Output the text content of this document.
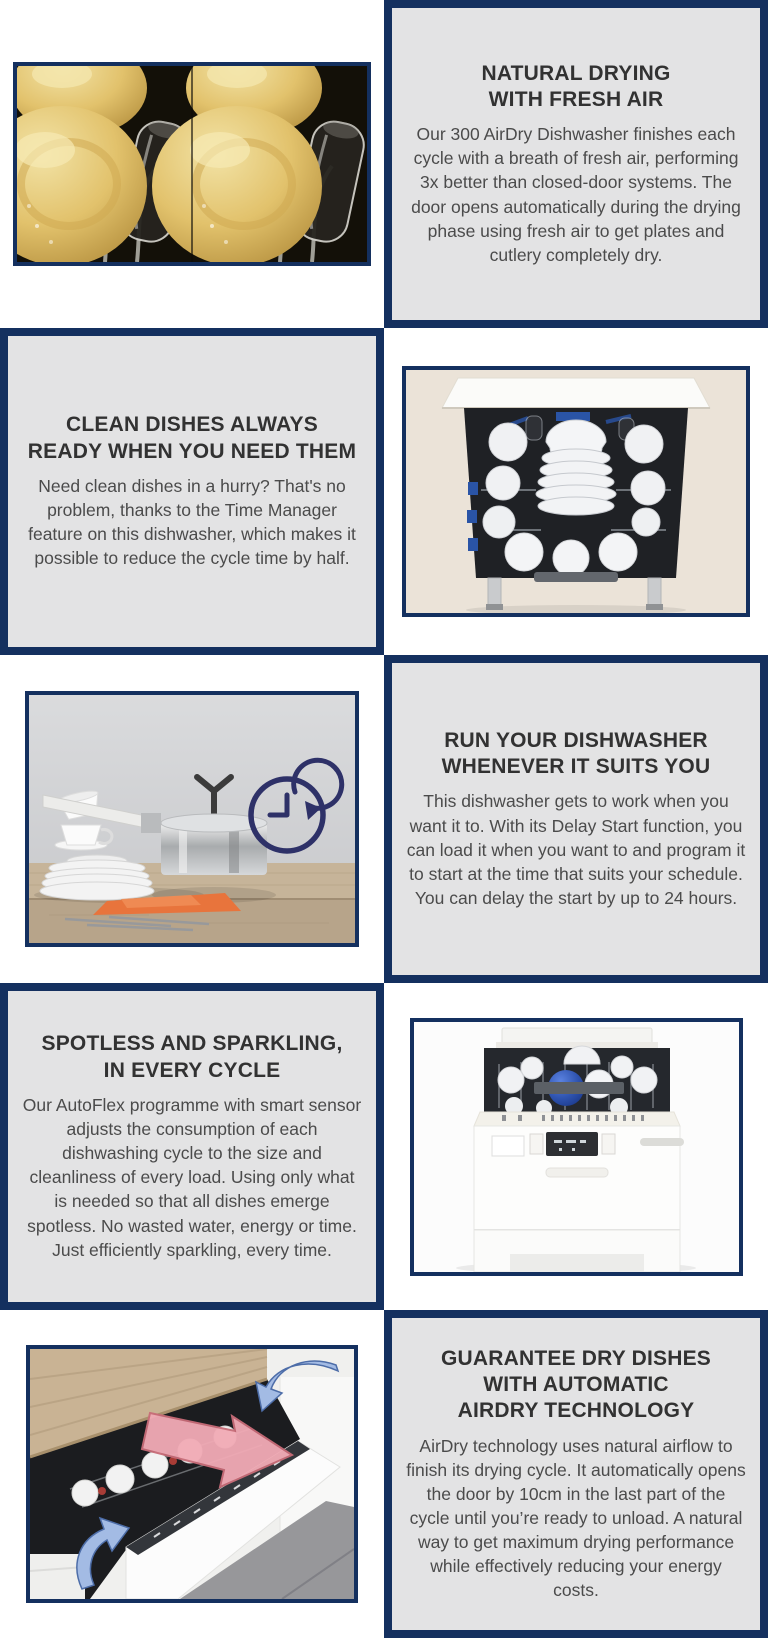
NATURAL DRYING WITH FRESH AIR

Our 300 AirDry Dishwasher finishes each cycle with a breath of fresh air, performing 3x better than closed-door systems. The door opens automatically during the drying phase using fresh air to get plates and cutlery completely dry.

CLEAN DISHES ALWAYS READY WHEN YOU NEED THEM

Need clean dishes in a hurry? That's no problem, thanks to the Time Manager feature on this dishwasher, which makes it possible to reduce the cycle time by half.

RUN YOUR DISHWASHER WHENEVER IT SUITS YOU

This dishwasher gets to work when you want it to. With its Delay Start function, you can load it when you want to and program it to start at the time that suits your schedule. You can delay the start by up to 24 hours.

SPOTLESS AND SPARKLING, IN EVERY CYCLE

Our AutoFlex programme with smart sensor adjusts the consumption of each dishwashing cycle to the size and cleanliness of every load. Using only what is needed so that all dishes emerge spotless. No wasted water, energy or time. Just efficiently sparkling, every time.

GUARANTEE DRY DISHES WITH AUTOMATIC AIRDRY TECHNOLOGY

AirDry technology uses natural airflow to finish its drying cycle. It automatically opens the door by 10cm in the last part of the cycle until you’re ready to unload. A natural way to get maximum drying performance while effectively reducing your energy costs.
